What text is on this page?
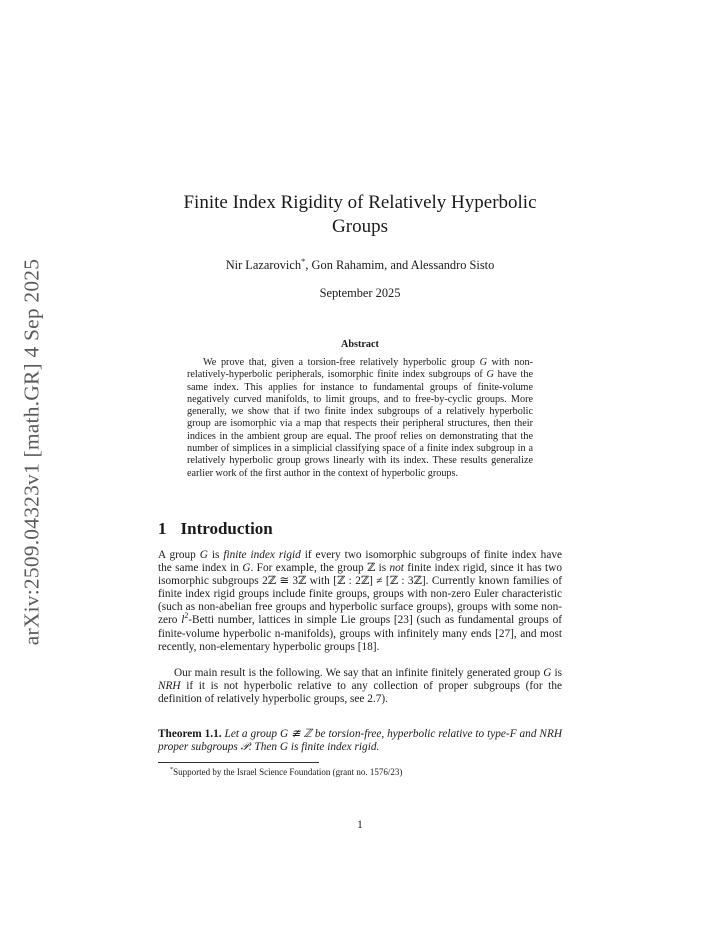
arXiv:2509.04323v1 [math.GR] 4 Sep 2025
Finite Index Rigidity of Relatively Hyperbolic
Groups
Nir Lazarovich*, Gon Rahamim, and Alessandro Sisto
September 2025
Abstract

We prove that, given a torsion-free relatively hyperbolic group G with non-relatively-hyperbolic peripherals, isomorphic finite index subgroups of G have the same index. This applies for instance to fundamental groups of finite-volume negatively curved manifolds, to limit groups, and to free-by-cyclic groups. More generally, we show that if two finite index subgroups of a relatively hyperbolic group are isomorphic via a map that respects their peripheral structures, then their indices in the ambient group are equal. The proof relies on demonstrating that the number of simplices in a simplicial classifying space of a finite index subgroup in a relatively hyperbolic group grows linearly with its index. These results generalize earlier work of the first author in the context of hyperbolic groups.

1 Introduction

A group G is finite index rigid if every two isomorphic subgroups of finite index have the same index in G. For example, the group ℤ is not finite index rigid, since it has two isomorphic subgroups 2ℤ ≅ 3ℤ with [ℤ : 2ℤ] ≠ [ℤ : 3ℤ]. Currently known families of finite index rigid groups include finite groups, groups with non-zero Euler characteristic (such as non-abelian free groups and hyperbolic surface groups), groups with some non-zero $l^2$-Betti number, lattices in simple Lie groups [23] (such as fundamental groups of finite-volume hyperbolic n-manifolds), groups with infinitely many ends [27], and most recently, non-elementary hyperbolic groups [18].

Our main result is the following. We say that an infinite finitely generated group G is NRH if it is not hyperbolic relative to any collection of proper subgroups (for the definition of relatively hyperbolic groups, see 2.7).

Theorem 1.1. Let a group G ≇ ℤ be torsion-free, hyperbolic relative to type-F and NRH proper subgroups 𝒫. Then G is finite index rigid.

*Supported by the Israel Science Foundation (grant no. 1576/23)
1
